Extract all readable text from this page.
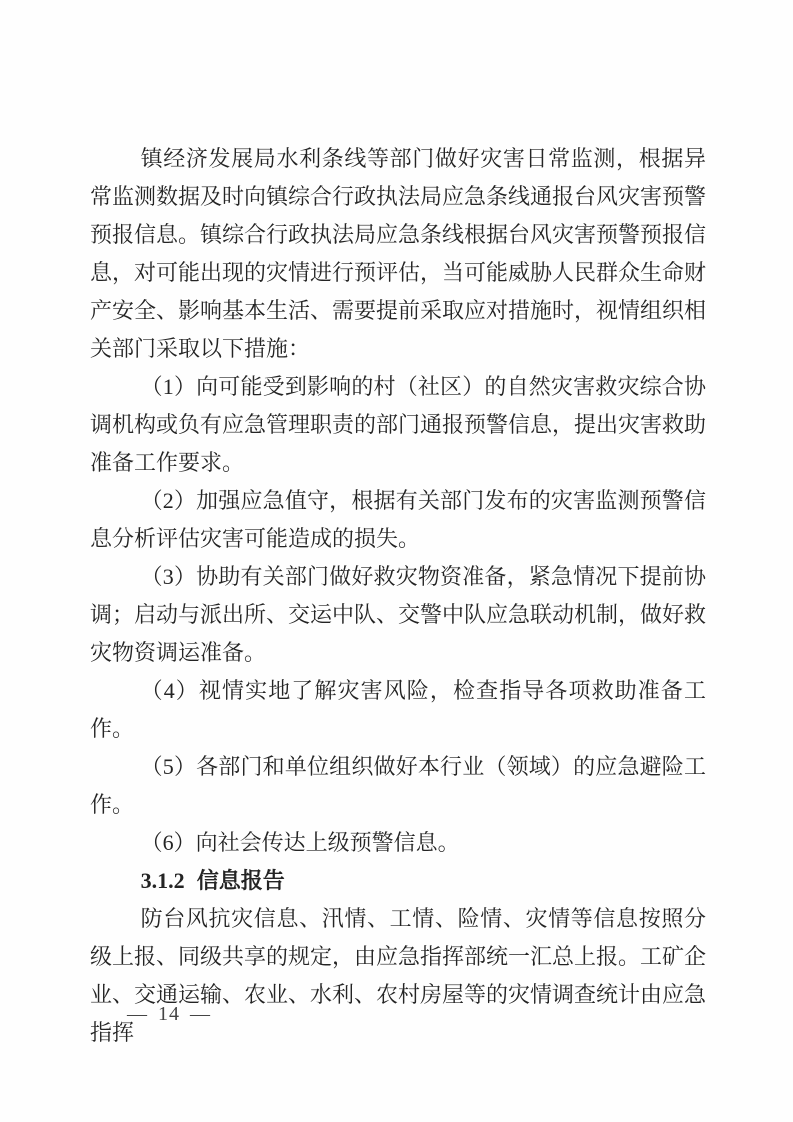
镇经济发展局水利条线等部门做好灾害日常监测，根据异常监测数据及时向镇综合行政执法局应急条线通报台风灾害预警预报信息。镇综合行政执法局应急条线根据台风灾害预警预报信息，对可能出现的灾情进行预评估，当可能威胁人民群众生命财产安全、影响基本生活、需要提前采取应对措施时，视情组织相关部门采取以下措施：

（1）向可能受到影响的村（社区）的自然灾害救灾综合协调机构或负有应急管理职责的部门通报预警信息，提出灾害救助准备工作要求。

（2）加强应急值守，根据有关部门发布的灾害监测预警信息分析评估灾害可能造成的损失。

（3）协助有关部门做好救灾物资准备，紧急情况下提前协调；启动与派出所、交运中队、交警中队应急联动机制，做好救灾物资调运准备。

（4）视情实地了解灾害风险，检查指导各项救助准备工作。

（5）各部门和单位组织做好本行业（领域）的应急避险工作。

（6）向社会传达上级预警信息。

3.1.2 信息报告

防台风抗灾信息、汛情、工情、险情、灾情等信息按照分级上报、同级共享的规定，由应急指挥部统一汇总上报。工矿企业、交通运输、农业、水利、农村房屋等的灾情调查统计由应急指挥

— 14 —
